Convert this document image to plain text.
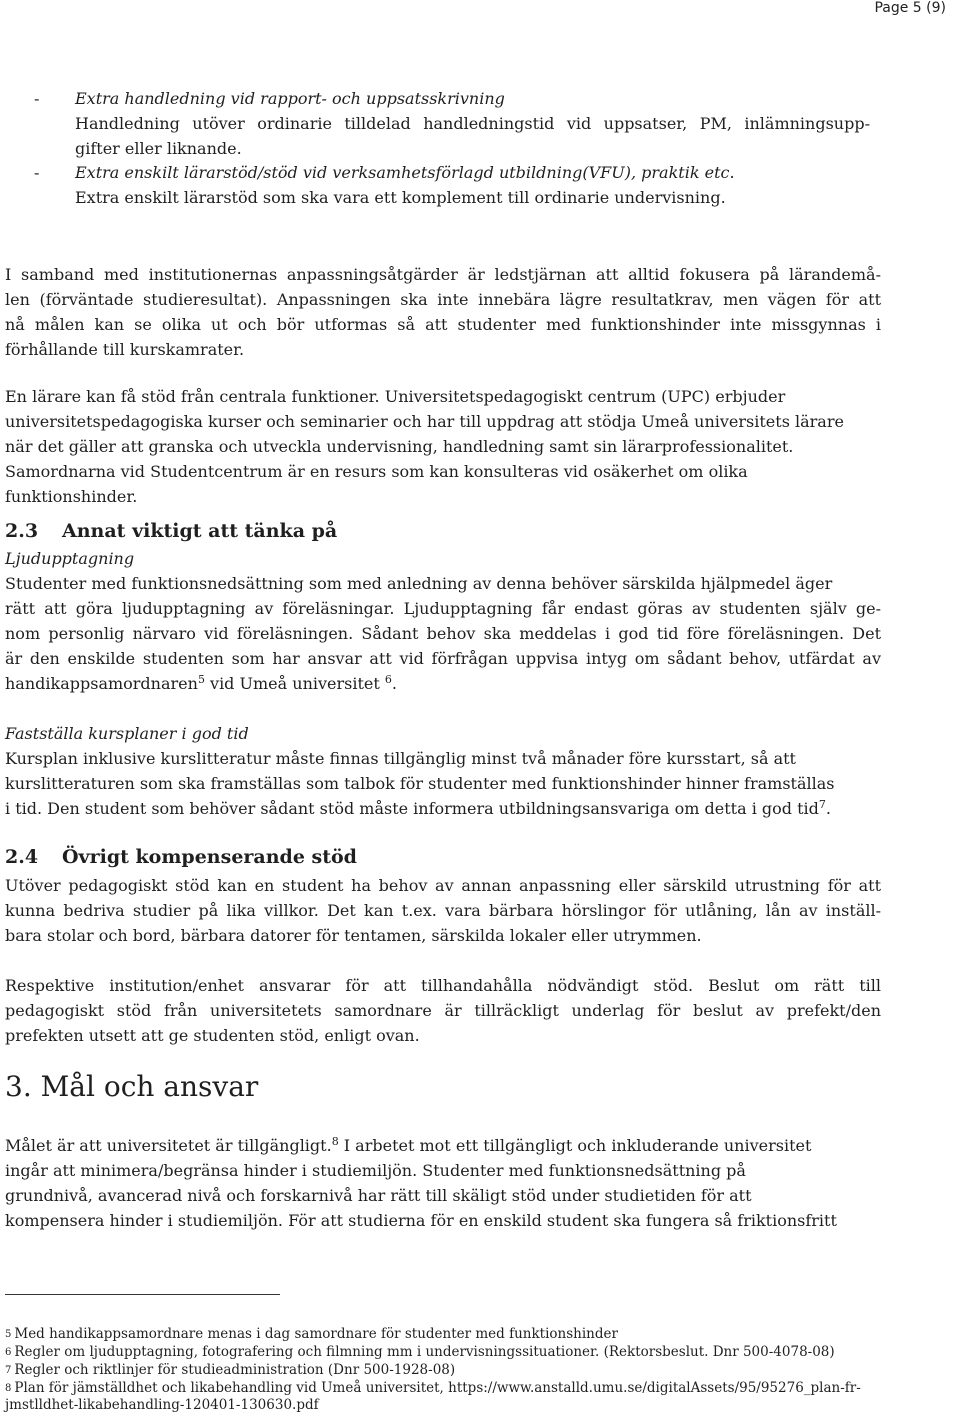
Page 5 (9)
- Extra handledning vid rapport- och uppsatsskrivning
Handledning utöver ordinarie tilldelad handledningstid vid uppsatser, PM, inlämningsupp-
gifter eller liknande.
- Extra enskilt lärarstöd/stöd vid verksamhetsförlagd utbildning(VFU), praktik etc.
Extra enskilt lärarstöd som ska vara ett komplement till ordinarie undervisning.
I samband med institutionernas anpassningsåtgärder är ledstjärnan att alltid fokusera på lärandemå-
len (förväntade studieresultat). Anpassningen ska inte innebära lägre resultatkrav, men vägen för att
nå målen kan se olika ut och bör utformas så att studenter med funktionshinder inte missgynnas i
förhållande till kurskamrater.
En lärare kan få stöd från centrala funktioner. Universitetspedagogiskt centrum (UPC) erbjuder
universitetspedagogiska kurser och seminarier och har till uppdrag att stödja Umeå universitets lärare
när det gäller att granska och utveckla undervisning, handledning samt sin lärarprofessionalitet.
Samordnarna vid Studentcentrum är en resurs som kan konsulteras vid osäkerhet om olika
funktionshinder.
2.3 Annat viktigt att tänka på
Ljudupptagning
Studenter med funktionsnedsättning som med anledning av denna behöver särskilda hjälpmedel äger
rätt att göra ljudupptagning av föreläsningar. Ljudupptagning får endast göras av studenten själv ge-
nom personlig närvaro vid föreläsningen. Sådant behov ska meddelas i god tid före föreläsningen. Det
är den enskilde studenten som har ansvar att vid förfrågan uppvisa intyg om sådant behov, utfärdat av
handikappsamordnaren$^5$ vid Umeå universitet $^6$.
Fastställa kursplaner i god tid
Kursplan inklusive kurslitteratur måste finnas tillgänglig minst två månader före kursstart, så att
kurslitteraturen som ska framställas som talbok för studenter med funktionshinder hinner framställas
i tid. Den student som behöver sådant stöd måste informera utbildningsansvariga om detta i god tid$^7$.
2.4 Övrigt kompenserande stöd
Utöver pedagogiskt stöd kan en student ha behov av annan anpassning eller särskild utrustning för att
kunna bedriva studier på lika villkor. Det kan t.ex. vara bärbara hörslingor för utlåning, lån av inställ-
bara stolar och bord, bärbara datorer för tentamen, särskilda lokaler eller utrymmen.
Respektive institution/enhet ansvarar för att tillhandahålla nödvändigt stöd. Beslut om rätt till
pedagogiskt stöd från universitetets samordnare är tillräckligt underlag för beslut av prefekt/den
prefekten utsett att ge studenten stöd, enligt ovan.
3. Mål och ansvar
Målet är att universitetet är tillgängligt.$^8$ I arbetet mot ett tillgängligt och inkluderande universitet
ingår att minimera/begränsa hinder i studiemiljön. Studenter med funktionsnedsättning på
grundnivå, avancerad nivå och forskarnivå har rätt till skäligt stöd under studietiden för att
kompensera hinder i studiemiljön. För att studierna för en enskild student ska fungera så friktionsfritt
5 Med handikappsamordnare menas i dag samordnare för studenter med funktionshinder
6 Regler om ljudupptagning, fotografering och filmning mm i undervisningssituationer. (Rektorsbeslut. Dnr 500-4078-08)
7 Regler och riktlinjer för studieadministration (Dnr 500-1928-08)
8 Plan för jämställdhet och likabehandling vid Umeå universitet, https://www.anstalld.umu.se/digitalAssets/95/95276_plan-fr-
jmstlldhet-likabehandling-120401-130630.pdf
